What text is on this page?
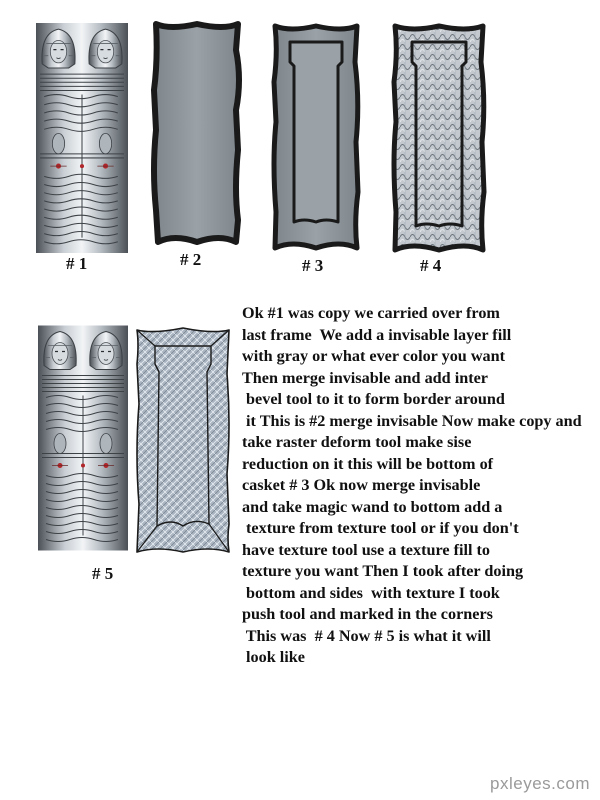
# 1	# 2	# 3	# 4
# 5
Ok #1 was copy we carried over from
last frame  We add a invisable layer fill
with gray or what ever color you want
Then merge invisable and add inter
bevel tool to it to form border around
it This is #2 merge invisable Now make copy and
take raster deform tool make sise
reduction on it this will be bottom of
casket # 3 Ok now merge invisable
and take magic wand to bottom add a
texture from texture tool or if you don't
have texture tool use a texture fill to
texture you want Then I took after doing
bottom and sides  with texture I took
push tool and marked in the corners
This was  # 4 Now # 5 is what it will
look like
pxleyes.com
